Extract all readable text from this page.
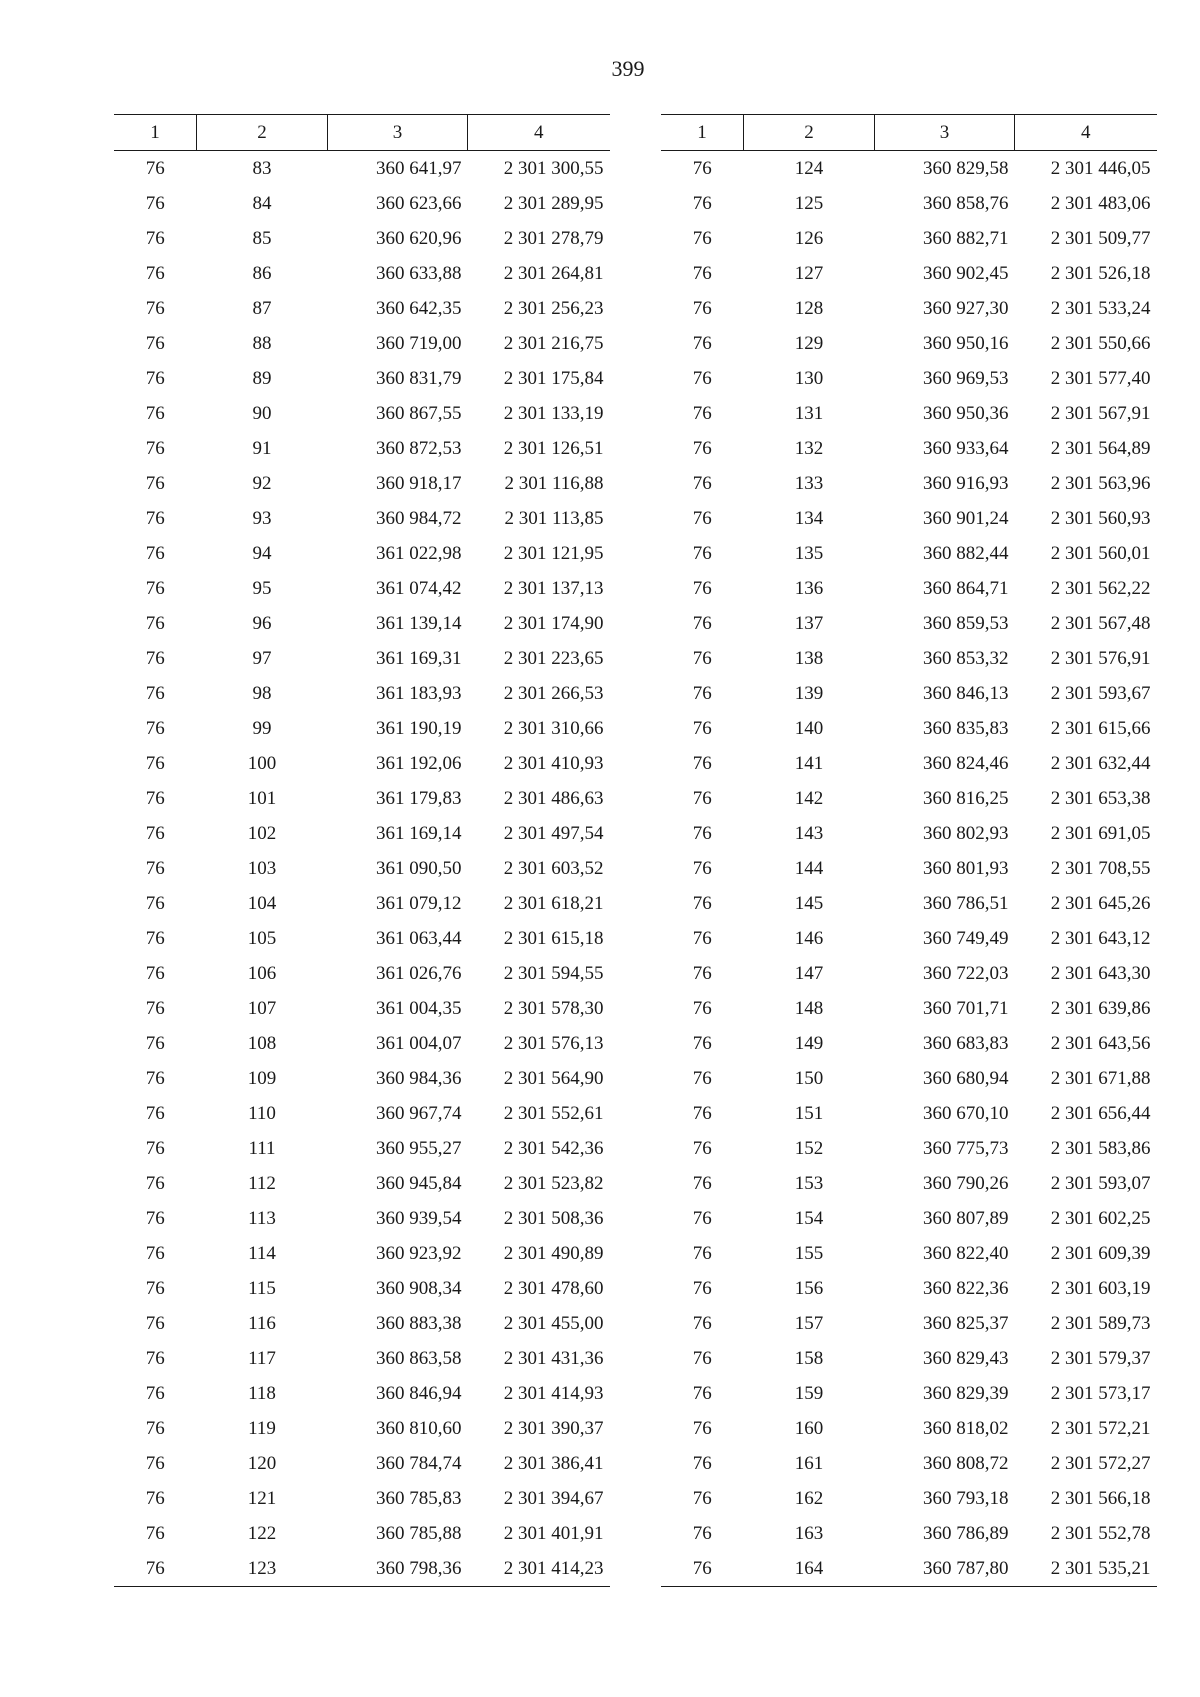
399
1	2	3	4
76	83	360 641,97	2 301 300,55
76	84	360 623,66	2 301 289,95
76	85	360 620,96	2 301 278,79
76	86	360 633,88	2 301 264,81
76	87	360 642,35	2 301 256,23
76	88	360 719,00	2 301 216,75
76	89	360 831,79	2 301 175,84
76	90	360 867,55	2 301 133,19
76	91	360 872,53	2 301 126,51
76	92	360 918,17	2 301 116,88
76	93	360 984,72	2 301 113,85
76	94	361 022,98	2 301 121,95
76	95	361 074,42	2 301 137,13
76	96	361 139,14	2 301 174,90
76	97	361 169,31	2 301 223,65
76	98	361 183,93	2 301 266,53
76	99	361 190,19	2 301 310,66
76	100	361 192,06	2 301 410,93
76	101	361 179,83	2 301 486,63
76	102	361 169,14	2 301 497,54
76	103	361 090,50	2 301 603,52
76	104	361 079,12	2 301 618,21
76	105	361 063,44	2 301 615,18
76	106	361 026,76	2 301 594,55
76	107	361 004,35	2 301 578,30
76	108	361 004,07	2 301 576,13
76	109	360 984,36	2 301 564,90
76	110	360 967,74	2 301 552,61
76	111	360 955,27	2 301 542,36
76	112	360 945,84	2 301 523,82
76	113	360 939,54	2 301 508,36
76	114	360 923,92	2 301 490,89
76	115	360 908,34	2 301 478,60
76	116	360 883,38	2 301 455,00
76	117	360 863,58	2 301 431,36
76	118	360 846,94	2 301 414,93
76	119	360 810,60	2 301 390,37
76	120	360 784,74	2 301 386,41
76	121	360 785,83	2 301 394,67
76	122	360 785,88	2 301 401,91
76	123	360 798,36	2 301 414,23
1	2	3	4
76	124	360 829,58	2 301 446,05
76	125	360 858,76	2 301 483,06
76	126	360 882,71	2 301 509,77
76	127	360 902,45	2 301 526,18
76	128	360 927,30	2 301 533,24
76	129	360 950,16	2 301 550,66
76	130	360 969,53	2 301 577,40
76	131	360 950,36	2 301 567,91
76	132	360 933,64	2 301 564,89
76	133	360 916,93	2 301 563,96
76	134	360 901,24	2 301 560,93
76	135	360 882,44	2 301 560,01
76	136	360 864,71	2 301 562,22
76	137	360 859,53	2 301 567,48
76	138	360 853,32	2 301 576,91
76	139	360 846,13	2 301 593,67
76	140	360 835,83	2 301 615,66
76	141	360 824,46	2 301 632,44
76	142	360 816,25	2 301 653,38
76	143	360 802,93	2 301 691,05
76	144	360 801,93	2 301 708,55
76	145	360 786,51	2 301 645,26
76	146	360 749,49	2 301 643,12
76	147	360 722,03	2 301 643,30
76	148	360 701,71	2 301 639,86
76	149	360 683,83	2 301 643,56
76	150	360 680,94	2 301 671,88
76	151	360 670,10	2 301 656,44
76	152	360 775,73	2 301 583,86
76	153	360 790,26	2 301 593,07
76	154	360 807,89	2 301 602,25
76	155	360 822,40	2 301 609,39
76	156	360 822,36	2 301 603,19
76	157	360 825,37	2 301 589,73
76	158	360 829,43	2 301 579,37
76	159	360 829,39	2 301 573,17
76	160	360 818,02	2 301 572,21
76	161	360 808,72	2 301 572,27
76	162	360 793,18	2 301 566,18
76	163	360 786,89	2 301 552,78
76	164	360 787,80	2 301 535,21
